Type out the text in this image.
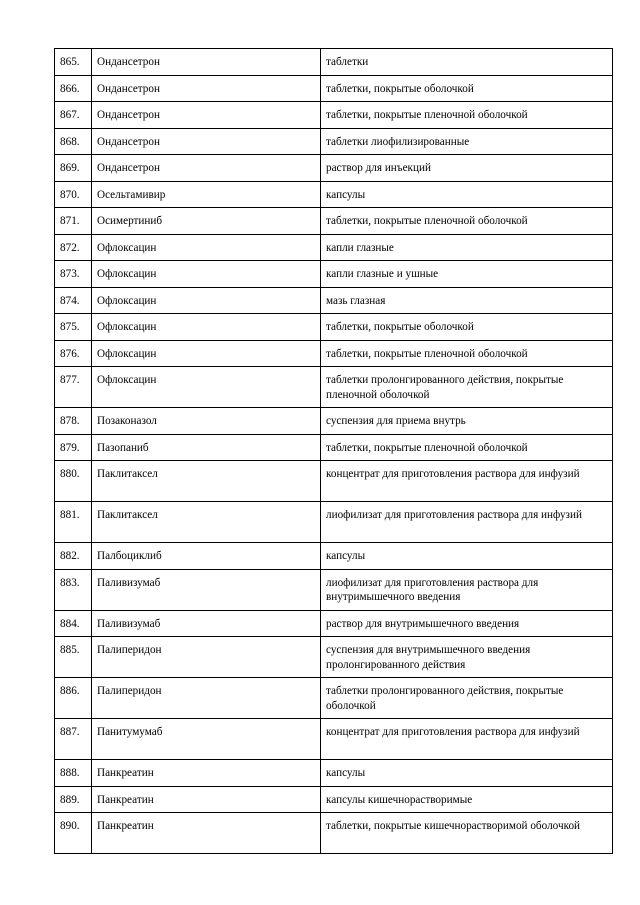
865.	Ондансетрон	таблетки
866.	Ондансетрон	таблетки, покрытые оболочкой
867.	Ондансетрон	таблетки, покрытые пленочной оболочкой
868.	Ондансетрон	таблетки лиофилизированные
869.	Ондансетрон	раствор для инъекций
870.	Осельтамивир	капсулы
871.	Осимертиниб	таблетки, покрытые пленочной оболочкой
872.	Офлоксацин	капли глазные
873.	Офлоксацин	капли глазные и ушные
874.	Офлоксацин	мазь глазная
875.	Офлоксацин	таблетки, покрытые оболочкой
876.	Офлоксацин	таблетки, покрытые пленочной оболочкой
877.	Офлоксацин	таблетки пролонгированного действия, покрытые пленочной оболочкой
878.	Позаконазол	суспензия для приема внутрь
879.	Пазопаниб	таблетки, покрытые пленочной оболочкой
880.	Паклитаксел	концентрат для приготовления раствора для инфузий
881.	Паклитаксел	лиофилизат для приготовления раствора для инфузий
882.	Палбоциклиб	капсулы
883.	Паливизумаб	лиофилизат для приготовления раствора для внутримышечного введения
884.	Паливизумаб	раствор для внутримышечного введения
885.	Палиперидон	суспензия для внутримышечного введения пролонгированного действия
886.	Палиперидон	таблетки пролонгированного действия, покрытые оболочкой
887.	Панитумумаб	концентрат для приготовления раствора для инфузий
888.	Панкреатин	капсулы
889.	Панкреатин	капсулы кишечнорастворимые
890.	Панкреатин	таблетки, покрытые кишечнорастворимой оболочкой
